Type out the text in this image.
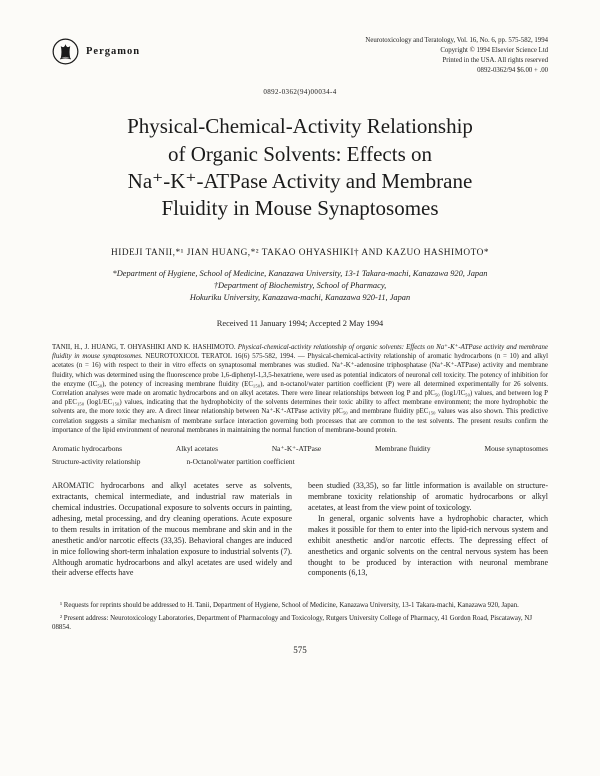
Pergamon
Neurotoxicology and Teratology, Vol. 16, No. 6, pp. 575-582, 1994
Copyright © 1994 Elsevier Science Ltd
Printed in the USA. All rights reserved
0892-0362/94 $6.00 + .00
0892-0362(94)00034-4
Physical-Chemical-Activity Relationship
of Organic Solvents: Effects on
Na⁺-K⁺-ATPase Activity and Membrane
Fluidity in Mouse Synaptosomes
HIDEJI TANII,*¹ JIAN HUANG,*² TAKAO OHYASHIKI† AND KAZUO HASHIMOTO*
*Department of Hygiene, School of Medicine, Kanazawa University, 13-1 Takara-machi, Kanazawa 920, Japan
†Department of Biochemistry, School of Pharmacy,
Hokuriku University, Kanazawa-machi, Kanazawa 920-11, Japan
Received 11 January 1994; Accepted 2 May 1994

TANII, H., J. HUANG, T. OHYASHIKI AND K. HASHIMOTO. Physical-chemical-activity relationship of organic solvents: Effects on Na⁺-K⁺-ATPase activity and membrane fluidity in mouse synaptosomes. NEUROTOXICOL TERATOL 16(6) 575-582, 1994. — Physical-chemical-activity relationship of aromatic hydrocarbons (n = 10) and alkyl acetates (n = 16) with respect to their in vitro effects on synaptosomal membranes was studied. Na⁺-K⁺-adenosine triphosphatase (Na⁺-K⁺-ATPase) activity and membrane fluidity, which was determined using the fluorescence probe 1,6-diphenyl-1,3,5-hexatriene, were used as potential indicators of neuronal cell toxicity. The potency of inhibition for the enzyme (IC₅₀), the potency of increasing membrane fluidity (EC₁₅₀), and n-octanol/water partition coefficient (P) were all determined experimentally for 26 solvents. Correlation analyses were made on aromatic hydrocarbons and on alkyl acetates. There were linear relationships between log P and pIC₅₀ (log1/IC₅₀) values, and between log P and pEC₁₅₀ (log1/EC₁₅₀) values, indicating that the hydrophobicity of the solvents determines their toxic ability to affect membrane environment; the more hydrophobic the solvents are, the more toxic they are. A direct linear relationship between Na⁺-K⁺-ATPase activity pIC₅₀ and membrane fluidity pEC₁₅₀ values was also shown. This predictive correlation suggests a similar mechanism of membrane surface interaction governing both processes that are common to the test solvents. The present results confirm the importance of the lipid environment of neuronal membranes in maintaining the normal function of membrane-bound protein.

Aromatic hydrocarbons	Alkyl acetates	Na⁺-K⁺-ATPase	Membrane fluidity	Mouse synaptosomes
Structure-activity relationship	n-Octanol/water partition coefficient

AROMATIC hydrocarbons and alkyl acetates serve as solvents, extractants, chemical intermediate, and industrial raw materials in chemical industries. Occupational exposure to solvents occurs in painting, adhesing, metal processing, and dry cleaning operations. Acute exposure to them results in irritation of the mucous membrane and skin and in the anesthetic and/or narcotic effects (33,35). Behavioral changes are induced in mice following short-term inhalation exposure to industrial solvents (7). Although aromatic hydrocarbons and alkyl acetates are used widely and their adverse effects have

been studied (33,35), so far little information is available on structure-membrane toxicity relationship of aromatic hydrocarbons or alkyl acetates, at least from the view point of toxicology.

In general, organic solvents have a hydrophobic character, which makes it possible for them to enter into the lipid-rich nervous system and exhibit anesthetic and/or narcotic effects. The depressing effect of anesthetics and organic solvents on the central nervous system has been thought to be produced by interaction with neuronal membrane components (6,13,

¹ Requests for reprints should be addressed to H. Tanii, Department of Hygiene, School of Medicine, Kanazawa University, 13-1 Takara-machi, Kanazawa 920, Japan.

² Present address: Neurotoxicology Laboratories, Department of Pharmacology and Toxicology, Rutgers University College of Pharmacy, 41 Gordon Road, Piscataway, NJ 08854.

575
